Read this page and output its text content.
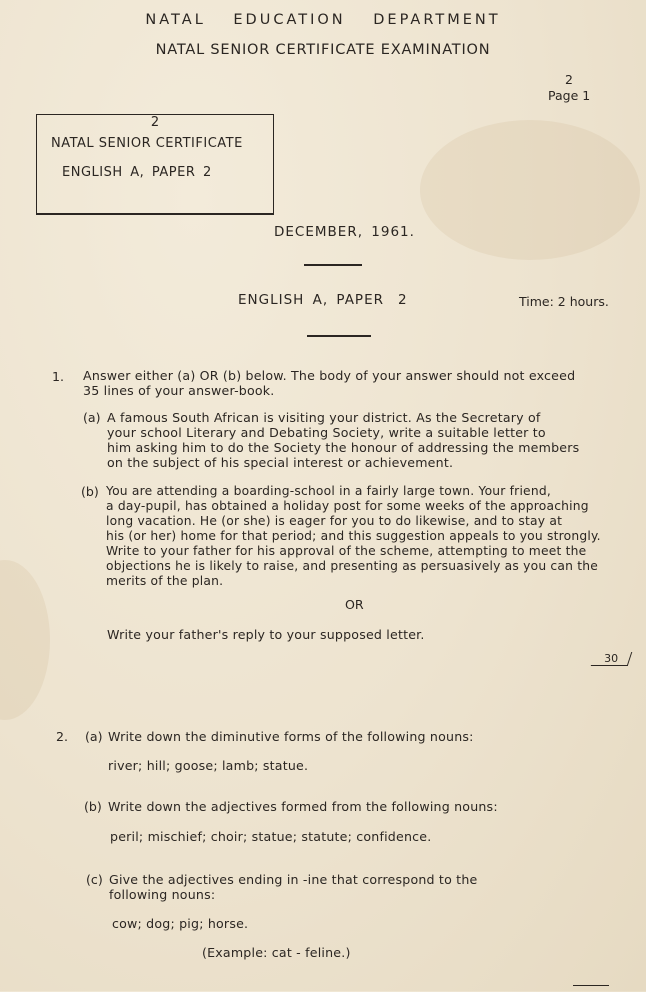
NATAL EDUCATION DEPARTMENT
NATAL SENIOR CERTIFICATE EXAMINATION
2
Page 1
2
NATAL SENIOR CERTIFICATE
ENGLISH A, PAPER 2
DECEMBER, 1961.
ENGLISH A, PAPER 2	Time: 2 hours.
1. Answer either (a) OR (b) below. The body of your answer should not exceed
35 lines of your answer-book.
(a) A famous South African is visiting your district. As the Secretary of
your school Literary and Debating Society, write a suitable letter to
him asking him to do the Society the honour of addressing the members
on the subject of his special interest or achievement.
(b) You are attending a boarding-school in a fairly large town. Your friend,
a day-pupil, has obtained a holiday post for some weeks of the approaching
long vacation. He (or she) is eager for you to do likewise, and to stay at
his (or her) home for that period; and this suggestion appeals to you strongly.
Write to your father for his approval of the scheme, attempting to meet the
objections he is likely to raise, and presenting as persuasively as you can the
merits of the plan.
OR
Write your father's reply to your supposed letter.
30
2. (a) Write down the diminutive forms of the following nouns:
river; hill; goose; lamb; statue.
(b) Write down the adjectives formed from the following nouns:
peril; mischief; choir; statue; statute; confidence.
(c) Give the adjectives ending in -ine that correspond to the
following nouns:
cow; dog; pig; horse.
(Example: cat - feline.)
